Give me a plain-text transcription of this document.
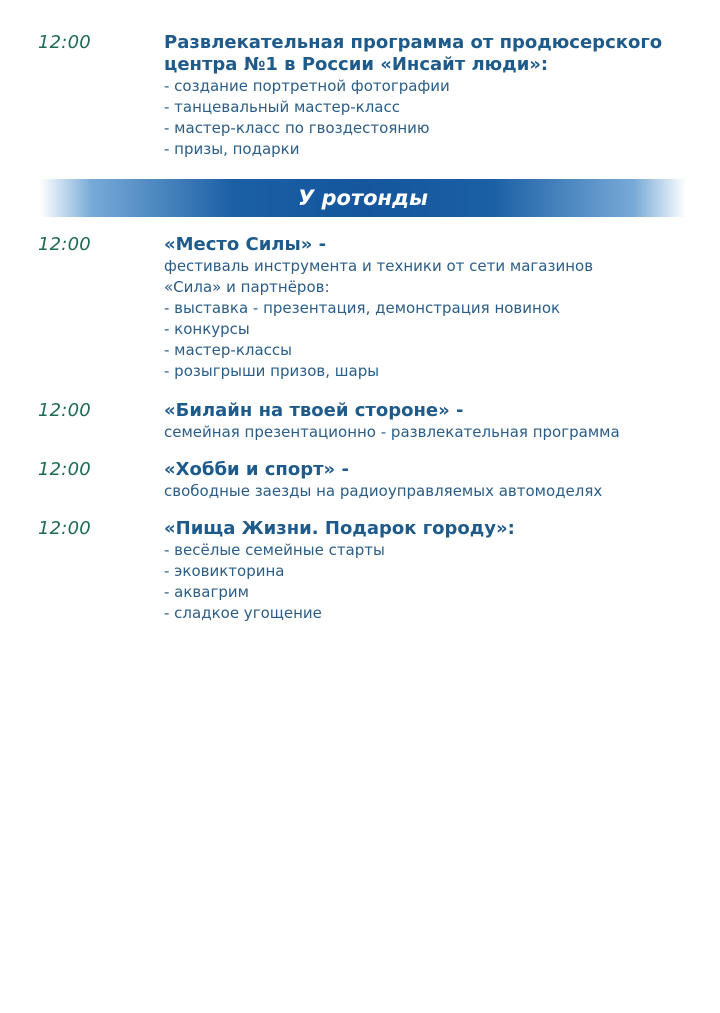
12:00	Развлекательная программа от продюсерского

центра №1 в России «Инсайт люди»:

- создание портретной фотографии

- танцевальный мастер-класс

- мастер-класс по гвоздестоянию

- призы, подарки

У ротонды
12:00	«Место Силы» -

фестиваль инструмента и техники от сети магазинов

«Сила» и партнёров:

- выставка - презентация, демонстрация новинок

- конкурсы

- мастер-классы

- розыгрыши призов, шары

12:00	«Билайн на твоей стороне» -

семейная презентационно - развлекательная программа

12:00	«Хобби и спорт» -

свободные заезды на радиоуправляемых автомоделях

12:00	«Пища Жизни. Подарок городу»:

- весёлые семейные старты

- эковикторина

- аквагрим

- сладкое угощение
